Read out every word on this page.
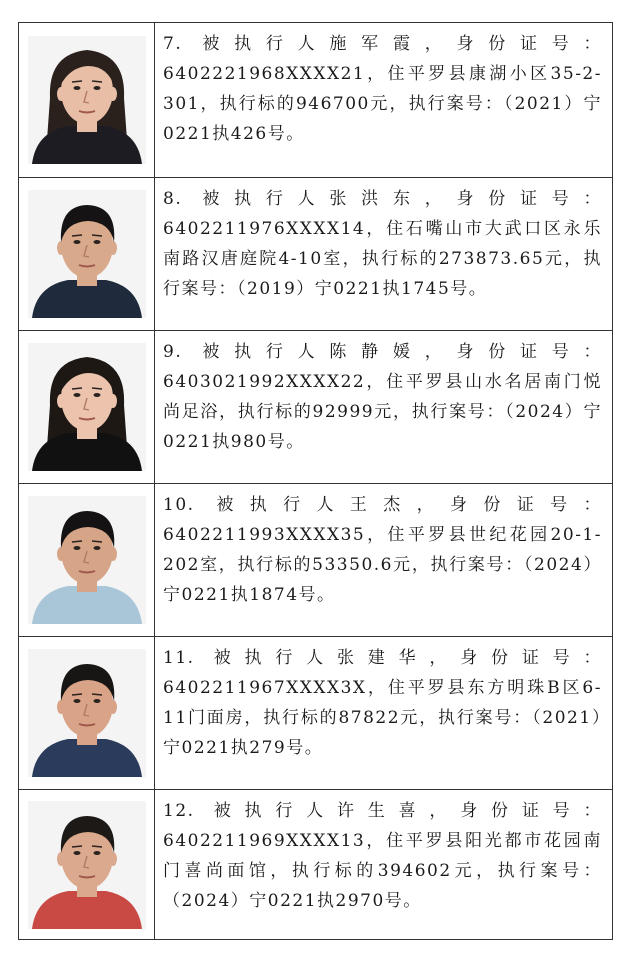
7. 被执行人施军霞，身份证号：6402221968XXXX21，住平罗县康湖小区35-2-301，执行标的946700元，执行案号：（2021）宁0221执426号。
8. 被执行人张洪东，身份证号：6402211976XXXX14，住石嘴山市大武口区永乐南路汉唐庭院4-10室，执行标的273873.65元，执行案号：（2019）宁0221执1745号。
9. 被执行人陈静媛，身份证号：6403021992XXXX22，住平罗县山水名居南门悦尚足浴，执行标的92999元，执行案号：（2024）宁0221执980号。
10. 被执行人王杰，身份证号：6402211993XXXX35，住平罗县世纪花园20-1-202室，执行标的53350.6元，执行案号：（2024）宁0221执1874号。
11. 被执行人张建华，身份证号：6402211967XXXX3X，住平罗县东方明珠B区6-11门面房，执行标的87822元，执行案号：（2021）宁0221执279号。
12. 被执行人许生喜，身份证号：6402211969XXXX13，住平罗县阳光都市花园南门喜尚面馆，执行标的394602元，执行案号：（2024）宁0221执2970号。
